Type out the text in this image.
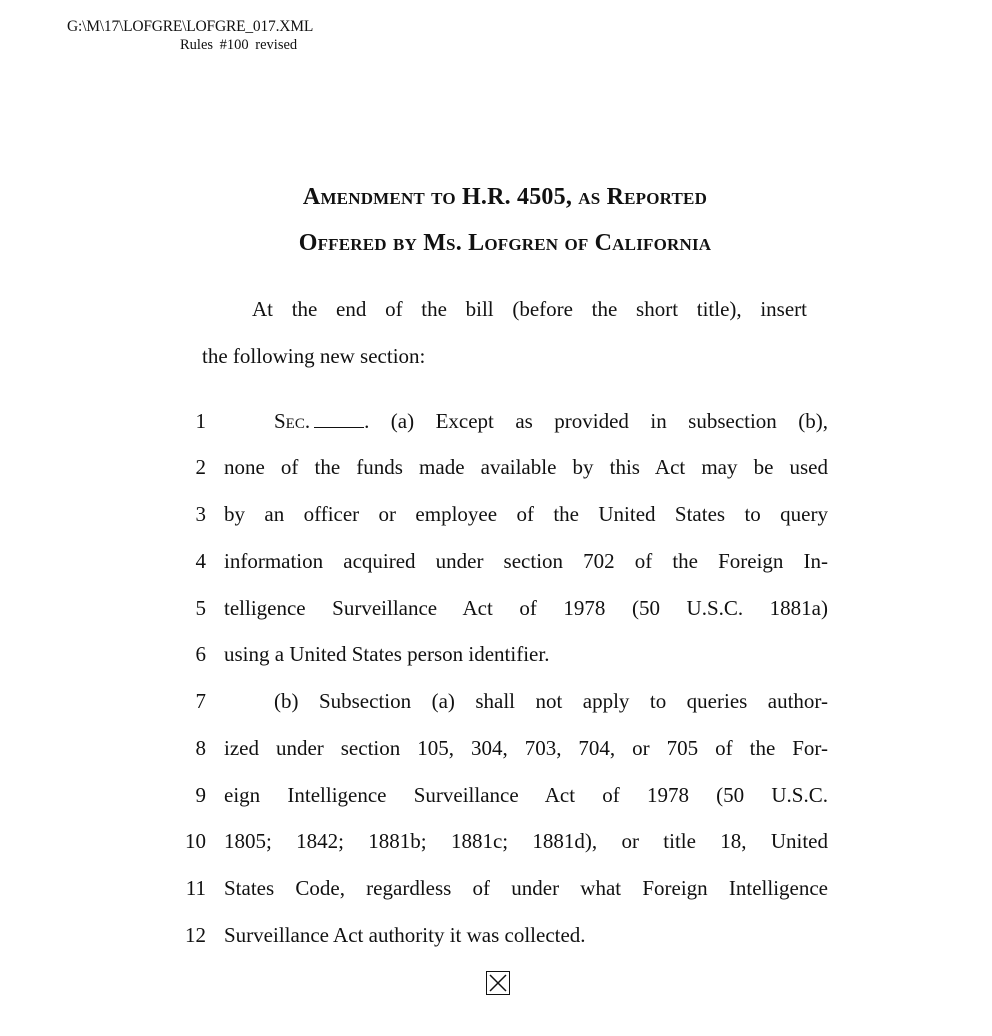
G:\M\17\LOFGRE\LOFGRE_017.XML
Rules #100 revised
Amendment to H.R. 4505, as Reported
Offered by Ms. Lofgren of California
At the end of the bill (before the short title), insert
the following new section:
1	Sec.	. (a) Except as provided in subsection (b),
2 none of the funds made available by this Act may be used
3 by an officer or employee of the United States to query
4 information acquired under section 702 of the Foreign In-
5 telligence Surveillance Act of 1978 (50 U.S.C. 1881a)
6 using a United States person identifier.
7	(b) Subsection (a) shall not apply to queries author-
8 ized under section 105, 304, 703, 704, or 705 of the For-
9 eign Intelligence Surveillance Act of 1978 (50 U.S.C.
10 1805; 1842; 1881b; 1881c; 1881d), or title 18, United
11 States Code, regardless of under what Foreign Intelligence
12 Surveillance Act authority it was collected.
